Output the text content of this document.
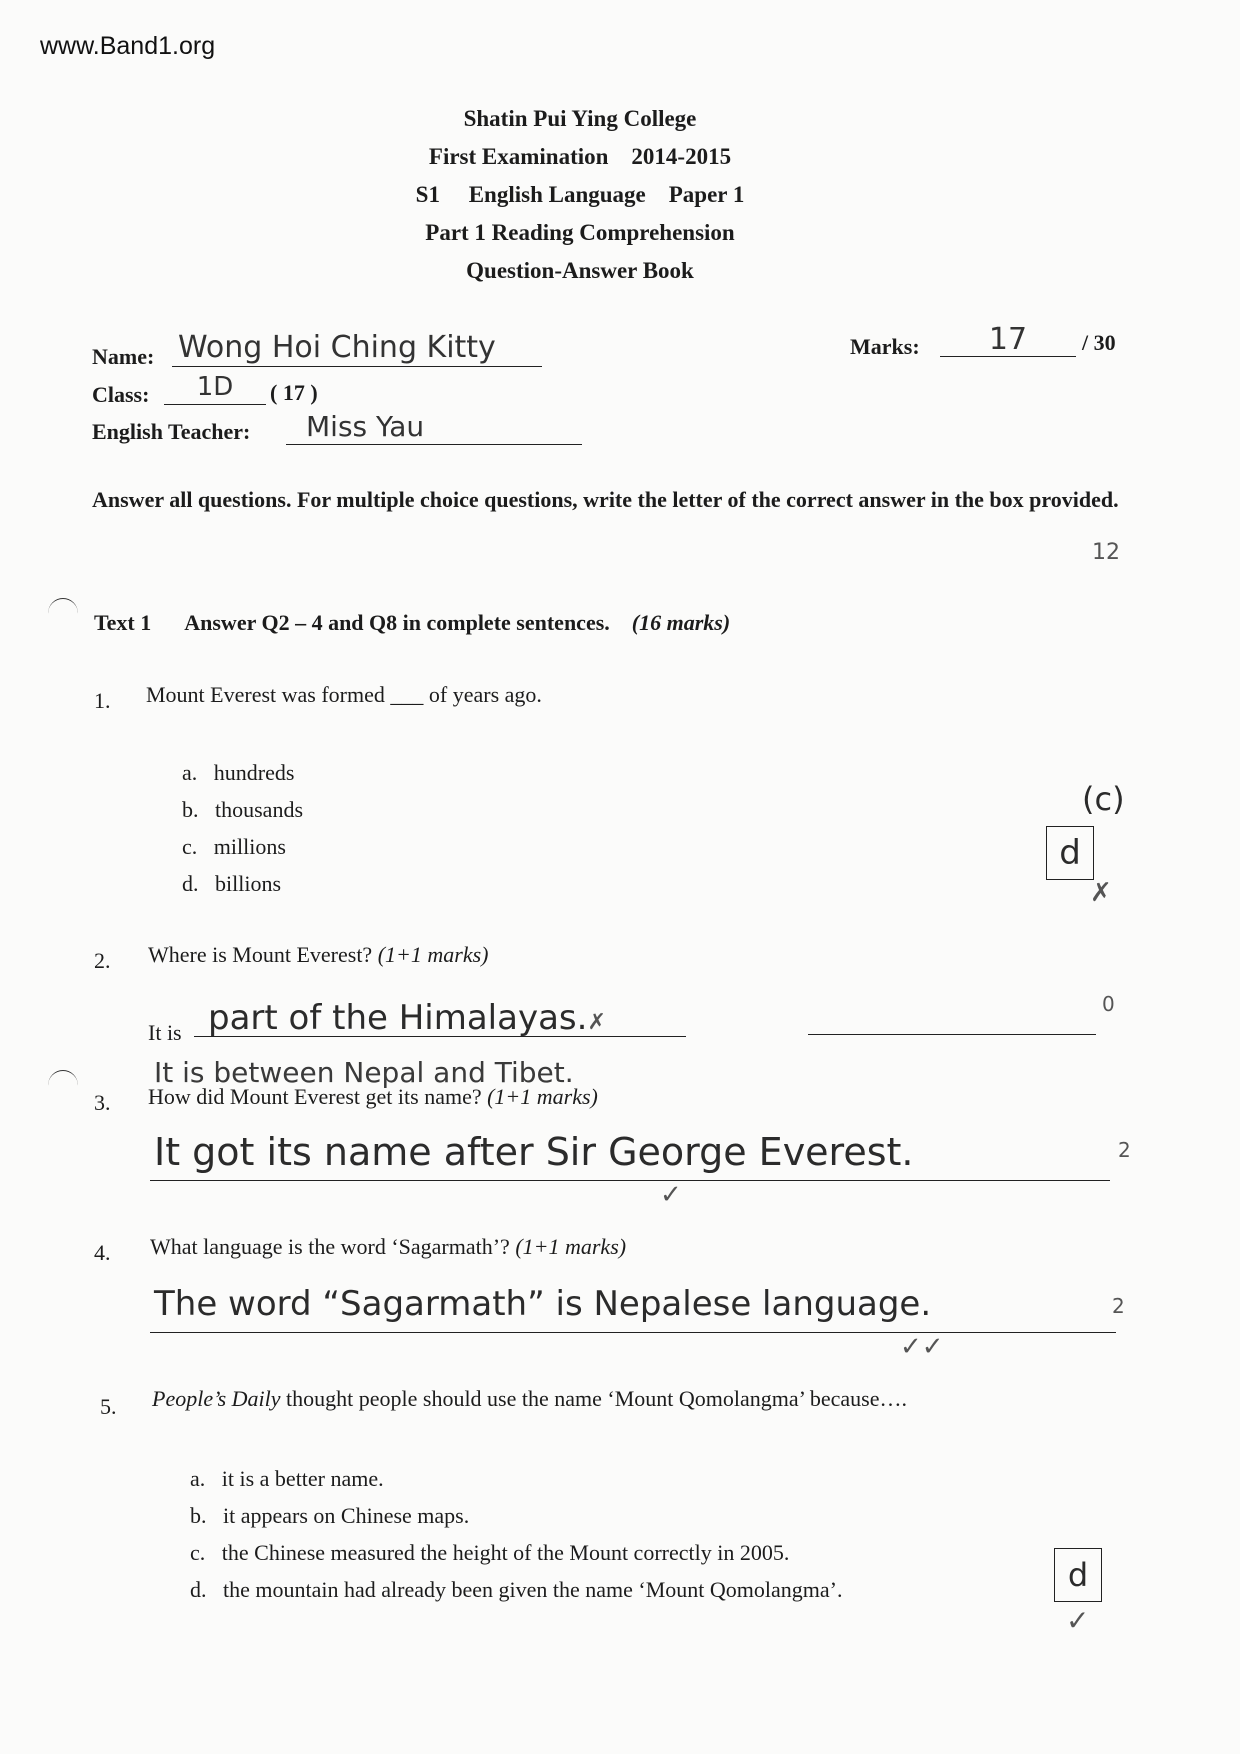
www.Band1.org
Shatin Pui Ying College
First Examination 2014-2015
S1 English Language Paper 1
Part 1 Reading Comprehension
Question-Answer Book
Name: Wong Hoi Ching Kitty
Class:	1D	( 17 )
English Teacher:	Miss Yau
Marks:	17	/ 30
Answer all questions. For multiple choice questions, write the letter of the correct answer in the box provided.
12
Text 1 Answer Q2 – 4 and Q8 in complete sentences. (16 marks)
1. Mount Everest was formed ___ of years ago.
a. hundreds
b. thousands
c. millions
d. billions
(c)
d
✗
2. Where is Mount Everest? (1+1 marks)
It is part of the Himalayas.✗
0
It is between Nepal and Tibet.
3. How did Mount Everest get its name? (1+1 marks)
It got its name after Sir George Everest.
✓
2
4. What language is the word ‘Sagarmath’? (1+1 marks)
The word “Sagarmath” is Nepalese language.
✓✓
2
5. People’s Daily thought people should use the name ‘Mount Qomolangma’ because….
a. it is a better name.
b. it appears on Chinese maps.
c. the Chinese measured the height of the Mount correctly in 2005.
d. the mountain had already been given the name ‘Mount Qomolangma’.	d
✓
